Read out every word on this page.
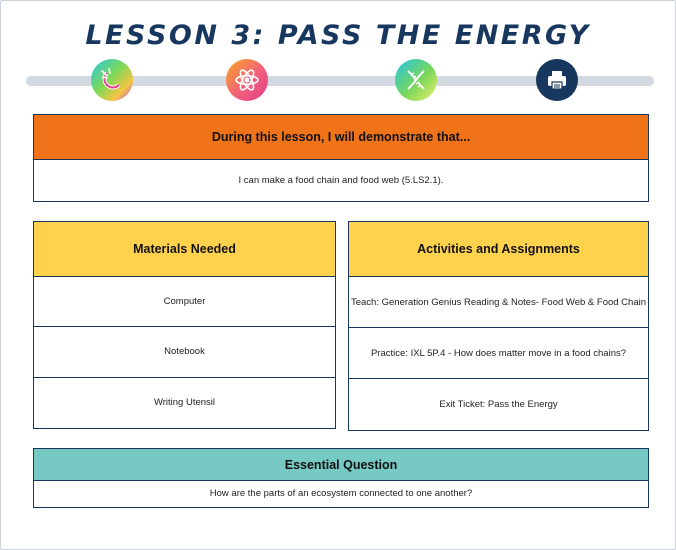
LESSON 3: PASS THE ENERGY
During this lesson, I will demonstrate that...
I can make a food chain and food web (5.LS2.1).
Materials Needed
Computer
Notebook
Writing Utensil
Activities and Assignments
Teach: Generation Genius Reading & Notes- Food Web & Food Chain
Practice: IXL 5P.4 - How does matter move in a food chains?
Exit Ticket: Pass the Energy
Essential Question
How are the parts of an ecosystem connected to one another?
